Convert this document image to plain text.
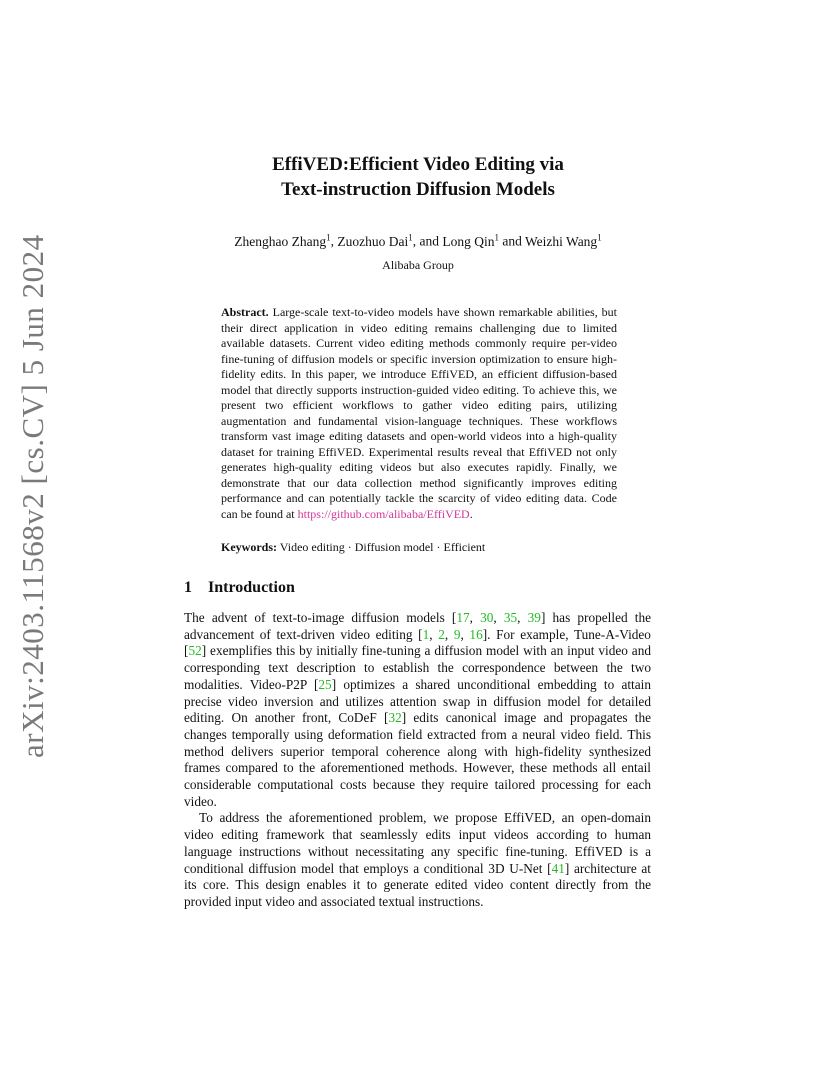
arXiv:2403.11568v2 [cs.CV] 5 Jun 2024
EffiVED:Efficient Video Editing via
Text-instruction Diffusion Models
Zhenghao Zhang$^1$, Zuozhuo Dai$^1$, and Long Qin$^1$ and Weizhi Wang$^1$
Alibaba Group
Abstract. Large-scale text-to-video models have shown remarkable abilities, but their direct application in video editing remains challenging due to limited available datasets. Current video editing methods commonly require per-video fine-tuning of diffusion models or specific inversion optimization to ensure high-fidelity edits. In this paper, we introduce EffiVED, an efficient diffusion-based model that directly supports instruction-guided video editing. To achieve this, we present two efficient workflows to gather video editing pairs, utilizing augmentation and fundamental vision-language techniques. These workflows transform vast image editing datasets and open-world videos into a high-quality dataset for training EffiVED. Experimental results reveal that EffiVED not only generates high-quality editing videos but also executes rapidly. Finally, we demonstrate that our data collection method significantly improves editing performance and can potentially tackle the scarcity of video editing data. Code can be found at https://github.com/alibaba/EffiVED.
Keywords: Video editing · Diffusion model · Efficient
1 Introduction

The advent of text-to-image diffusion models [17, 30, 35, 39] has propelled the advancement of text-driven video editing [1, 2, 9, 16]. For example, Tune-A-Video [52] exemplifies this by initially fine-tuning a diffusion model with an input video and corresponding text description to establish the correspondence between the two modalities. Video-P2P [25] optimizes a shared unconditional embedding to attain precise video inversion and utilizes attention swap in diffusion model for detailed editing. On another front, CoDeF [32] edits canonical image and propagates the changes temporally using deformation field extracted from a neural video field. This method delivers superior temporal coherence along with high-fidelity synthesized frames compared to the aforementioned methods. However, these methods all entail considerable computational costs because they require tailored processing for each video.

To address the aforementioned problem, we propose EffiVED, an open-domain video editing framework that seamlessly edits input videos according to human language instructions without necessitating any specific fine-tuning. EffiVED is a conditional diffusion model that employs a conditional 3D U-Net [41] architecture at its core. This design enables it to generate edited video content directly from the provided input video and associated textual instructions.
